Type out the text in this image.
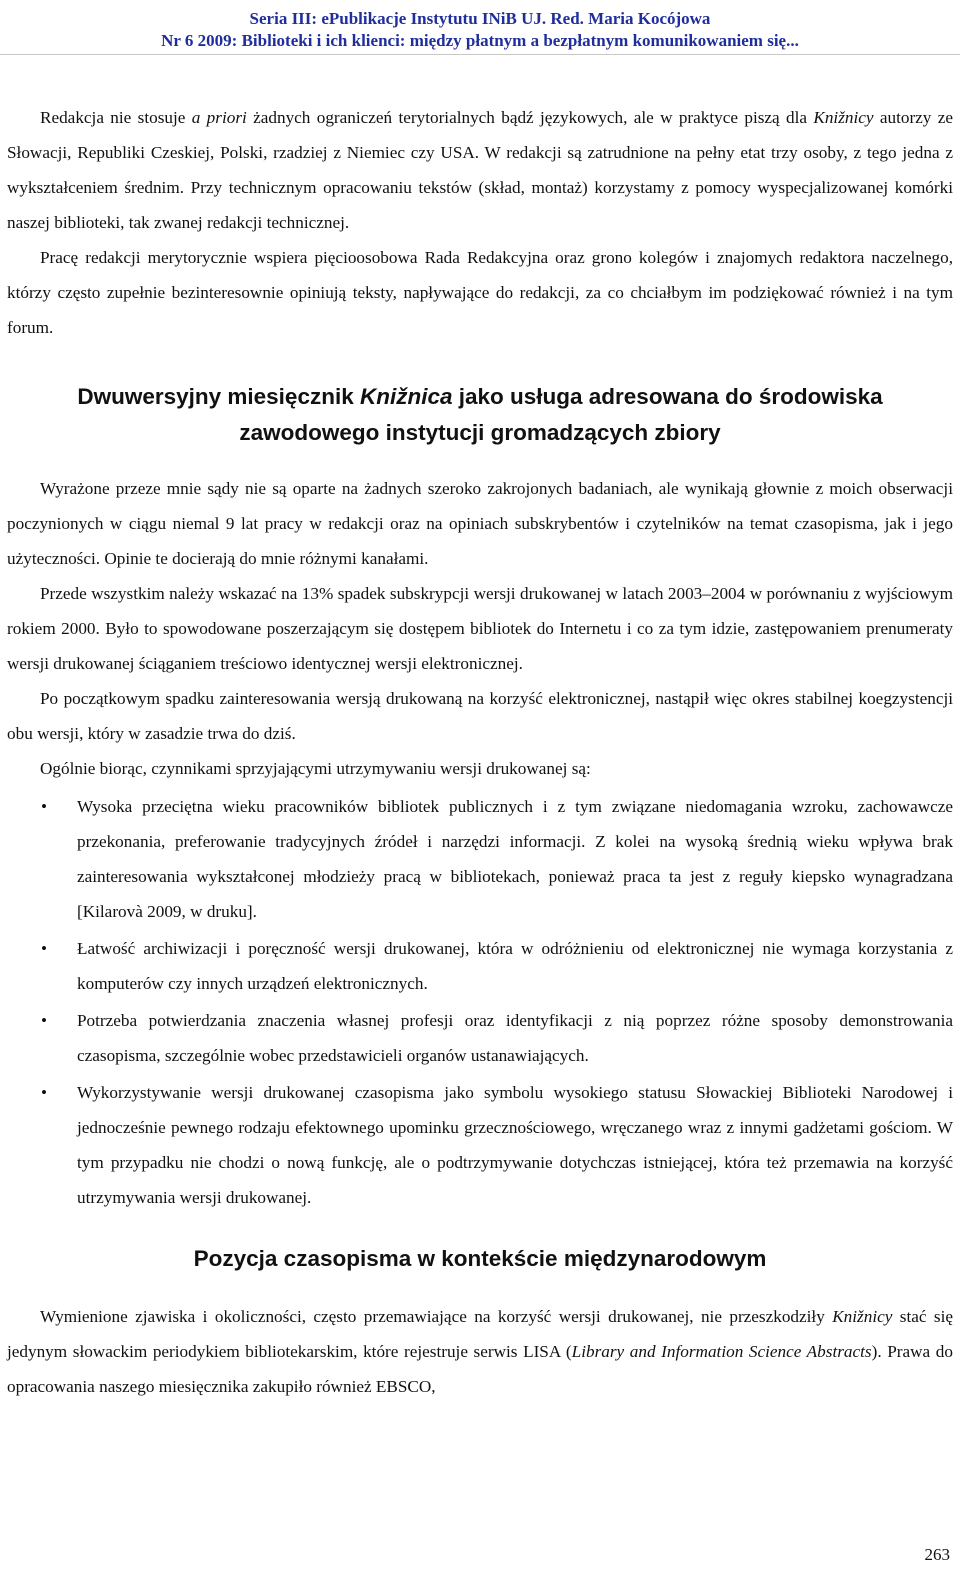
Seria III: ePublikacje Instytutu INiB UJ. Red. Maria Kocójowa
Nr 6 2009: Biblioteki i ich klienci: między płatnym a bezpłatnym komunikowaniem się...

Redakcja nie stosuje a priori żadnych ograniczeń terytorialnych bądź językowych, ale w praktyce piszą dla Knižnicy autorzy ze Słowacji, Republiki Czeskiej, Polski, rzadziej z Niemiec czy USA. W redakcji są zatrudnione na pełny etat trzy osoby, z tego jedna z wykształceniem średnim. Przy technicznym opracowaniu tekstów (skład, montaż) korzystamy z pomocy wyspecjalizowanej komórki naszej biblioteki, tak zwanej redakcji technicznej.

Pracę redakcji merytorycznie wspiera pięcioosobowa Rada Redakcyjna oraz grono kolegów i znajomych redaktora naczelnego, którzy często zupełnie bezinteresownie opiniują teksty, napływające do redakcji, za co chciałbym im podziękować również i na tym forum.

Dwuwersyjny miesięcznik Knižnica jako usługa adresowana do środowiska zawodowego instytucji gromadzących zbiory

Wyrażone przeze mnie sądy nie są oparte na żadnych szeroko zakrojonych badaniach, ale wynikają głownie z moich obserwacji poczynionych w ciągu niemal 9 lat pracy w redakcji oraz na opiniach subskrybentów i czytelników na temat czasopisma, jak i jego użyteczności. Opinie te docierają do mnie różnymi kanałami.

Przede wszystkim należy wskazać na 13% spadek subskrypcji wersji drukowanej w latach 2003–2004 w porównaniu z wyjściowym rokiem 2000. Było to spowodowane poszerzającym się dostępem bibliotek do Internetu i co za tym idzie, zastępowaniem prenumeraty wersji drukowanej ściąganiem treściowo identycznej wersji elektronicznej.

Po początkowym spadku zainteresowania wersją drukowaną na korzyść elektronicznej, nastąpił więc okres stabilnej koegzystencji obu wersji, który w zasadzie trwa do dziś.

Ogólnie biorąc, czynnikami sprzyjającymi utrzymywaniu wersji drukowanej są:

• Wysoka przeciętna wieku pracowników bibliotek publicznych i z tym związane niedomagania wzroku, zachowawcze przekonania, preferowanie tradycyjnych źródeł i narzędzi informacji. Z kolei na wysoką średnią wieku wpływa brak zainteresowania wykształconej młodzieży pracą w bibliotekach, ponieważ praca ta jest z reguły kiepsko wynagradzana [Kilarovà 2009, w druku].
• Łatwość archiwizacji i poręczność wersji drukowanej, która w odróżnieniu od elektronicznej nie wymaga korzystania z komputerów czy innych urządzeń elektronicznych.
• Potrzeba potwierdzania znaczenia własnej profesji oraz identyfikacji z nią poprzez różne sposoby demonstrowania czasopisma, szczególnie wobec przedstawicieli organów ustanawiających.
• Wykorzystywanie wersji drukowanej czasopisma jako symbolu wysokiego statusu Słowackiej Biblioteki Narodowej i jednocześnie pewnego rodzaju efektownego upominku grzecznościowego, wręczanego wraz z innymi gadżetami gościom. W tym przypadku nie chodzi o nową funkcję, ale o podtrzymywanie dotychczas istniejącej, która też przemawia na korzyść utrzymywania wersji drukowanej.
Pozycja czasopisma w kontekście międzynarodowym

Wymienione zjawiska i okoliczności, często przemawiające na korzyść wersji drukowanej, nie przeszkodziły Knižnicy stać się jedynym słowackim periodykiem bibliotekarskim, które rejestruje serwis LISA (Library and Information Science Abstracts). Prawa do opracowania naszego miesięcznika zakupiło również EBSCO,

263
